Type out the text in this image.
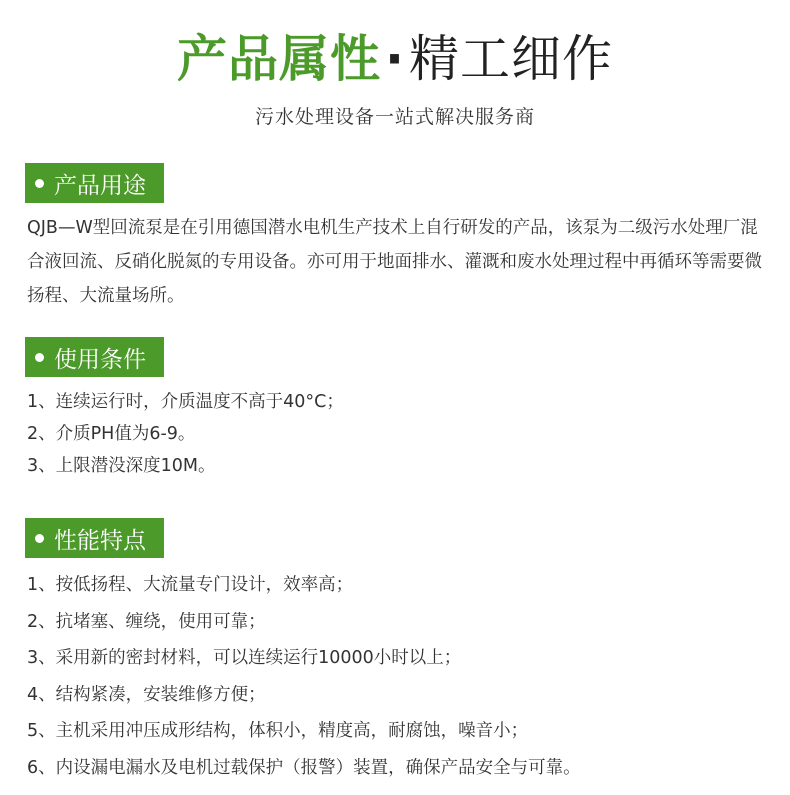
产品属性·精工细作
污水处理设备一站式解决服务商
产品用途
QJB—W型回流泵是在引用德国潜水电机生产技术上自行研发的产品，该泵为二级污水处理厂混合液回流、反硝化脱氮的专用设备。亦可用于地面排水、灌溉和废水处理过程中再循环等需要微扬程、大流量场所。
使用条件
1、连续运行时，介质温度不高于40°C；
2、介质PH值为6-9。
3、上限潜没深度10M。
性能特点
1、按低扬程、大流量专门设计，效率高；
2、抗堵塞、缠绕，使用可靠；
3、采用新的密封材料，可以连续运行10000小时以上；
4、结构紧凑，安装维修方便；
5、主机采用冲压成形结构，体积小，精度高，耐腐蚀，噪音小；
6、内设漏电漏水及电机过载保护（报警）装置，确保产品安全与可靠。
